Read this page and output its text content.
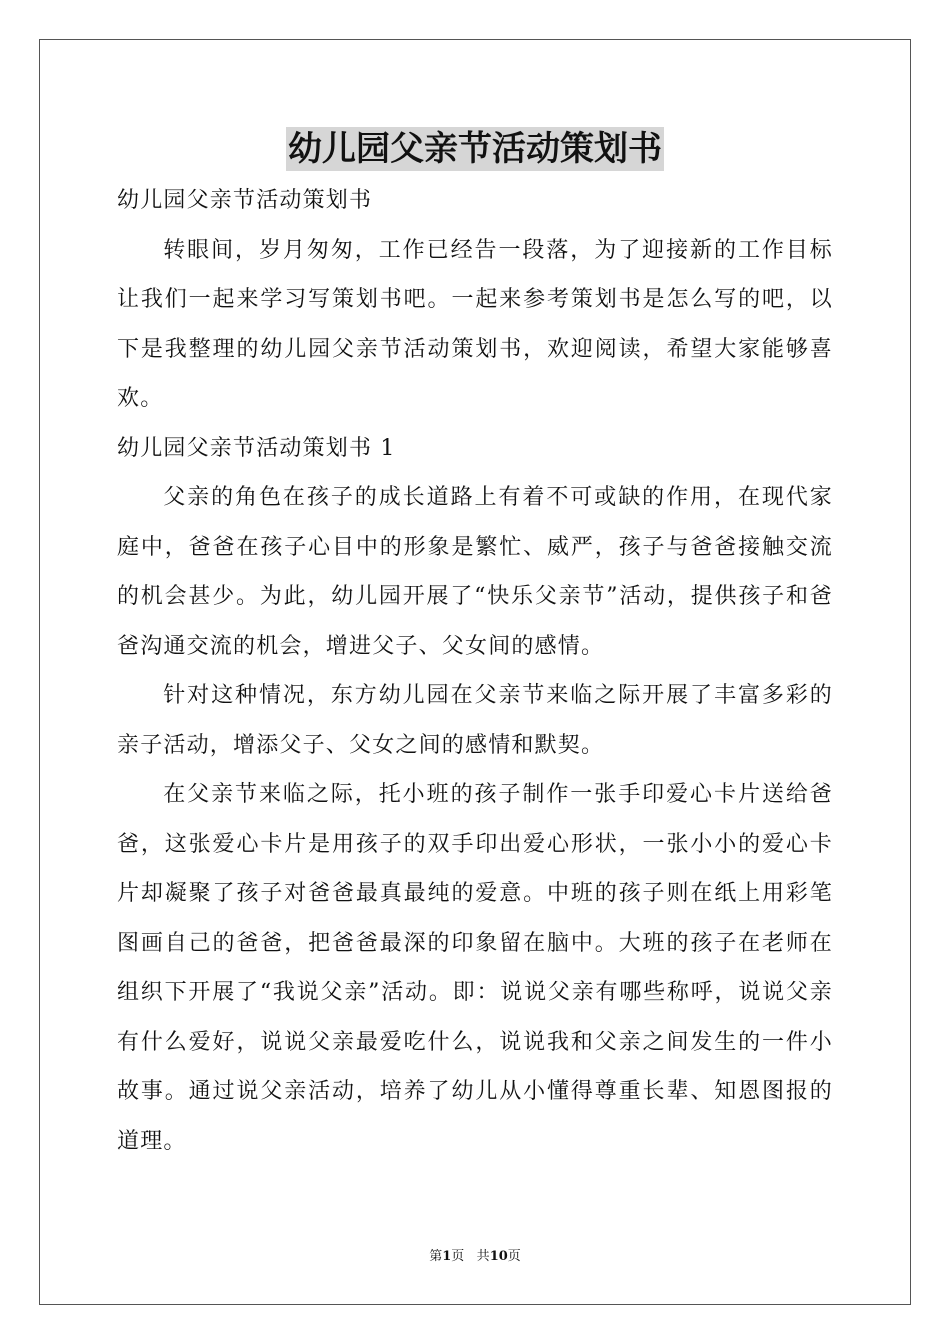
幼儿园父亲节活动策划书

幼儿园父亲节活动策划书

转眼间，岁月匆匆，工作已经告一段落，为了迎接新的工作目标让我们一起来学习写策划书吧。一起来参考策划书是怎么写的吧，以下是我整理的幼儿园父亲节活动策划书，欢迎阅读，希望大家能够喜欢。

幼儿园父亲节活动策划书 1

父亲的角色在孩子的成长道路上有着不可或缺的作用，在现代家庭中，爸爸在孩子心目中的形象是繁忙、威严，孩子与爸爸接触交流的机会甚少。为此，幼儿园开展了“快乐父亲节”活动，提供孩子和爸爸沟通交流的机会，增进父子、父女间的感情。

针对这种情况，东方幼儿园在父亲节来临之际开展了丰富多彩的亲子活动，增添父子、父女之间的感情和默契。

在父亲节来临之际，托小班的孩子制作一张手印爱心卡片送给爸爸，这张爱心卡片是用孩子的双手印出爱心形状，一张小小的爱心卡片却凝聚了孩子对爸爸最真最纯的爱意。中班的孩子则在纸上用彩笔图画自己的爸爸，把爸爸最深的印象留在脑中。大班的孩子在老师在组织下开展了“我说父亲”活动。即：说说父亲有哪些称呼，说说父亲有什么爱好，说说父亲最爱吃什么，说说我和父亲之间发生的一件小故事。通过说父亲活动，培养了幼儿从小懂得尊重长辈、知恩图报的道理。

第1页 共10页
